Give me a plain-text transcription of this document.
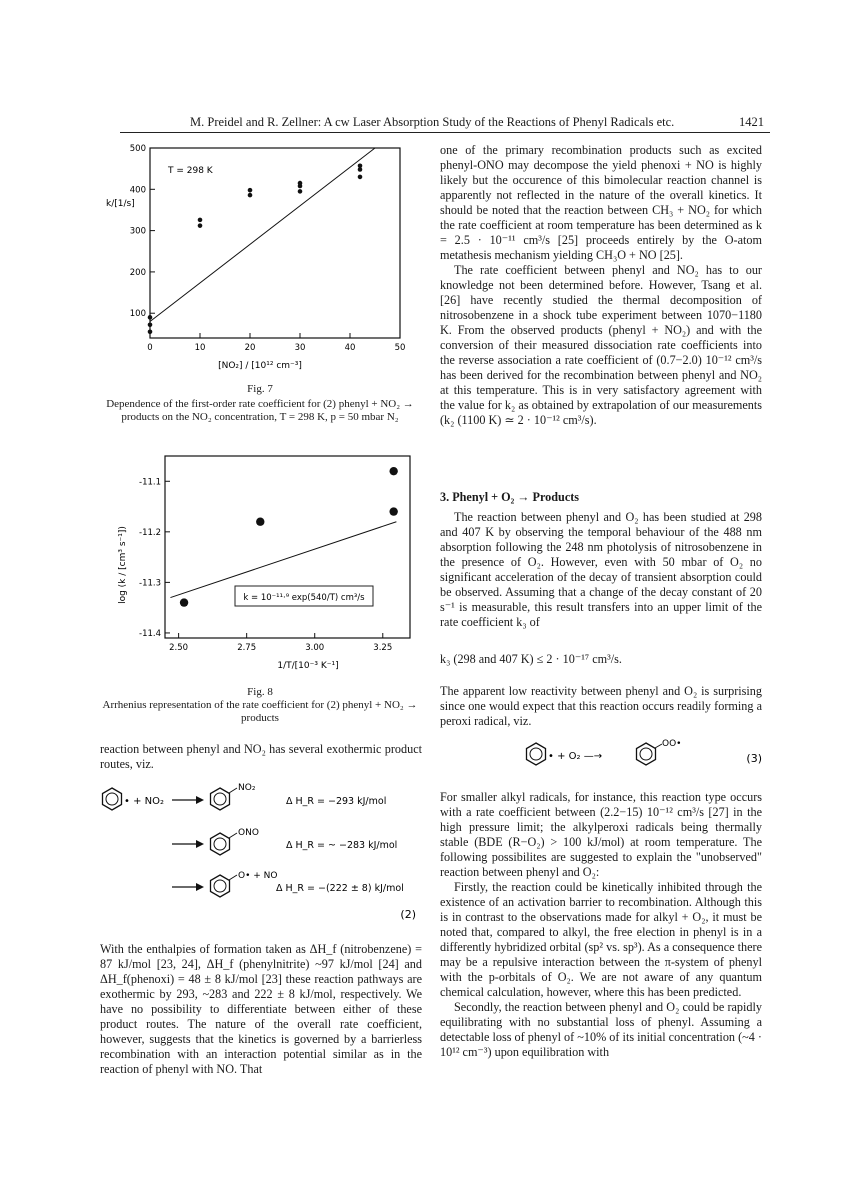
M. Preidel and R. Zellner: A cw Laser Absorption Study of the Reactions of Phenyl Radicals etc.	1421
0	10	20	30	40	50
100
200
300
400
500
k/[1/s]
T = 298 K
[NO₂] / [10¹² cm⁻³]
Fig. 7
Dependence of the first-order rate coefficient for (2) phenyl + NO₂ → products on the NO₂ concentration, T = 298 K, p = 50 mbar N₂
2.50	2.75	3.00	3.25
-11.1
-11.2
-11.3
-11.4
log (k / [cm³ s⁻¹])
1/T/[10⁻³ K⁻¹]
k = 10⁻¹¹·⁹ exp(540/T) cm³/s
Fig. 8
Arrhenius representation of the rate coefficient for (2) phenyl + NO₂ → products

reaction between phenyl and NO₂ has several exothermic product routes, viz.

• + NO₂
NO₂
Δ H_R = −293 kJ/mol
ONO
Δ H_R = ~ −283 kJ/mol
O• + NO
Δ H_R = −(222 ± 8) kJ/mol
(2)

With the enthalpies of formation taken as ΔH_f (nitrobenzene) = 87 kJ/mol [23, 24], ΔH_f (phenylnitrite) ~97 kJ/mol [24] and ΔH_f(phenoxi) = 48 ± 8 kJ/mol [23] these reaction pathways are exothermic by 293, ~283 and 222 ± 8 kJ/mol, respectively. We have no possibility to differentiate between either of these product routes. The nature of the overall rate coefficient, however, suggests that the kinetics is governed by a barrierless recombination with an interaction potential similar as in the reaction of phenyl with NO. That

one of the primary recombination products such as excited phenyl-ONO may decompose the yield phenoxi + NO is highly likely but the occurence of this bimolecular reaction channel is apparently not reflected in the nature of the overall kinetics. It should be noted that the reaction between CH₃ + NO₂ for which the rate coefficient at room temperature has been determined as k = 2.5 · 10⁻¹¹ cm³/s [25] proceeds entirely by the O-atom metathesis mechanism yielding CH₃O + NO [25].

The rate coefficient between phenyl and NO₂ has to our knowledge not been determined before. However, Tsang et al. [26] have recently studied the thermal decomposition of nitrosobenzene in a shock tube experiment between 1070−1180 K. From the observed products (phenyl + NO₂) and with the conversion of their measured dissociation rate coefficients into the reverse association a rate coefficient of (0.7−2.0) 10⁻¹² cm³/s has been derived for the recombination between phenyl and NO₂ at this temperature. This is in very satisfactory agreement with the value for k₂ as obtained by extrapolation of our measurements (k₂ (1100 K) ≃ 2 · 10⁻¹² cm³/s).

3. Phenyl + O₂ → Products

The reaction between phenyl and O₂ has been studied at 298 and 407 K by observing the temporal behaviour of the 488 nm absorption following the 248 nm photolysis of nitrosobenzene in the presence of O₂. However, even with 50 mbar of O₂ no significant acceleration of the decay of transient absorption could be observed. Assuming that a change of the decay constant of 20 s⁻¹ is measurable, this result transfers into an upper limit of the rate coefficient k₃ of

k₃ (298 and 407 K) ≤ 2 · 10⁻¹⁷ cm³/s.

The apparent low reactivity between phenyl and O₂ is surprising since one would expect that this reaction occurs readily forming a peroxi radical, viz.

• + O₂ —→
OO•
(3)

For smaller alkyl radicals, for instance, this reaction type occurs with a rate coefficient between (2.2−15) 10⁻¹² cm³/s [27] in the high pressure limit; the alkylperoxi radicals being thermally stable (BDE (R−O₂) > 100 kJ/mol) at room temperature. The following possibilites are suggested to explain the "unobserved" reaction between phenyl and O₂:

Firstly, the reaction could be kinetically inhibited through the existence of an activation barrier to recombination. Although this is in contrast to the observations made for alkyl + O₂, it must be noted that, compared to alkyl, the free election in phenyl is in a differently hybridized orbital (sp² vs. sp³). As a consequence there may be a repulsive interaction between the π-system of phenyl with the p-orbitals of O₂. We are not aware of any quantum chemical calculation, however, where this has been predicted.

Secondly, the reaction between phenyl and O₂ could be rapidly equilibrating with no substantial loss of phenyl. Assuming a detectable loss of phenyl of ~10% of its initial concentration (~4 · 10¹² cm⁻³) upon equilibration with
